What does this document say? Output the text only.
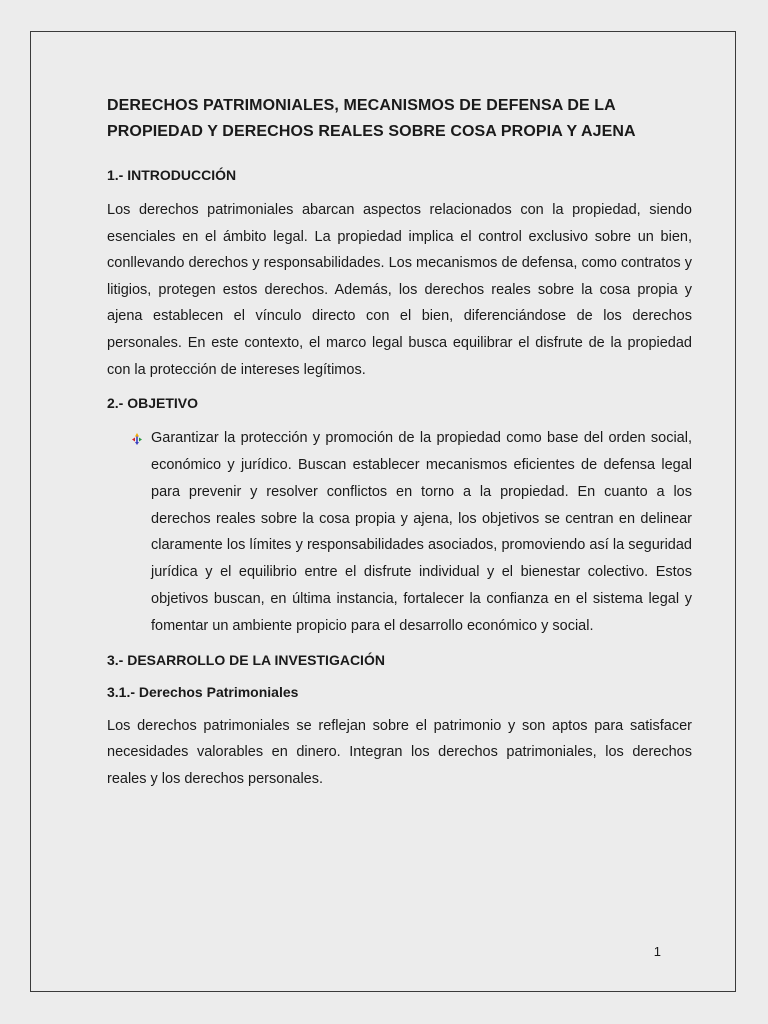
DERECHOS PATRIMONIALES, MECANISMOS DE DEFENSA DE LA PROPIEDAD Y DERECHOS REALES SOBRE COSA PROPIA Y AJENA
1.- INTRODUCCIÓN

Los derechos patrimoniales abarcan aspectos relacionados con la propiedad, siendo esenciales en el ámbito legal. La propiedad implica el control exclusivo sobre un bien, conllevando derechos y responsabilidades. Los mecanismos de defensa, como contratos y litigios, protegen estos derechos. Además, los derechos reales sobre la cosa propia y ajena establecen el vínculo directo con el bien, diferenciándose de los derechos personales. En este contexto, el marco legal busca equilibrar el disfrute de la propiedad con la protección de intereses legítimos.

2.- OBJETIVO
Garantizar la protección y promoción de la propiedad como base del orden social, económico y jurídico. Buscan establecer mecanismos eficientes de defensa legal para prevenir y resolver conflictos en torno a la propiedad. En cuanto a los derechos reales sobre la cosa propia y ajena, los objetivos se centran en delinear claramente los límites y responsabilidades asociados, promoviendo así la seguridad jurídica y el equilibrio entre el disfrute individual y el bienestar colectivo. Estos objetivos buscan, en última instancia, fortalecer la confianza en el sistema legal y fomentar un ambiente propicio para el desarrollo económico y social.
3.- DESARROLLO DE LA INVESTIGACIÓN
3.1.- Derechos Patrimoniales

Los derechos patrimoniales se reflejan sobre el patrimonio y son aptos para satisfacer necesidades valorables en dinero. Integran los derechos patrimoniales, los derechos reales y los derechos personales.

1
